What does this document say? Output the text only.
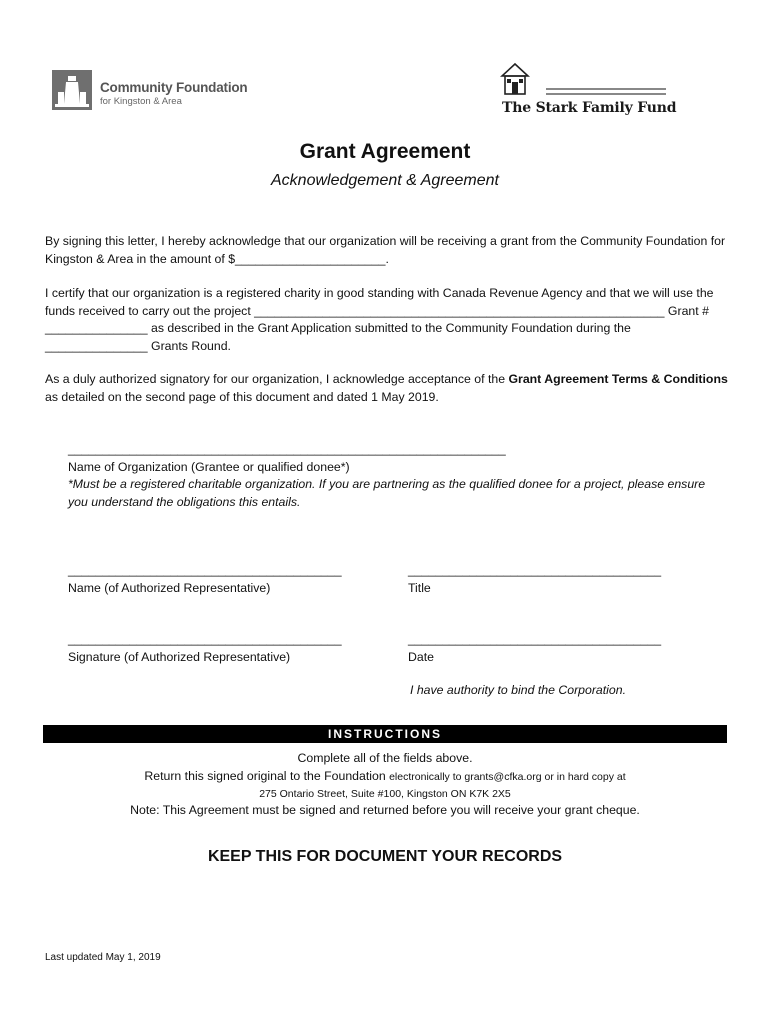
Community Foundation
for Kingston & Area	The Stark Family Fund
Grant Agreement
Acknowledgement & Agreement

By signing this letter, I hereby acknowledge that our organization will be receiving a grant from the Community Foundation for Kingston & Area in the amount of $______________________.

I certify that our organization is a registered charity in good standing with Canada Revenue Agency and that we will use the funds received to carry out the project ____________________________________________________________ Grant # _______________ as described in the Grant Application submitted to the Community Foundation during the _______________ Grants Round.

As a duly authorized signatory for our organization, I acknowledge acceptance of the Grant Agreement Terms & Conditions as detailed on the second page of this document and dated 1 May 2019.

________________________________________________________________
Name of Organization (Grantee or qualified donee*)
*Must be a registered charitable organization. If you are partnering as the qualified donee for a project, please ensure you understand the obligations this entails.
________________________________________
Name (of Authorized Representative)
_____________________________________
Title
________________________________________
Signature (of Authorized Representative)
_____________________________________
Date
I have authority to bind the Corporation.
INSTRUCTIONS
Complete all of the fields above.
Return this signed original to the Foundation electronically to grants@cfka.org or in hard copy at
275 Ontario Street, Suite #100, Kingston ON K7K 2X5
Note: This Agreement must be signed and returned before you will receive your grant cheque.
KEEP THIS FOR DOCUMENT YOUR RECORDS
Last updated May 1, 2019
